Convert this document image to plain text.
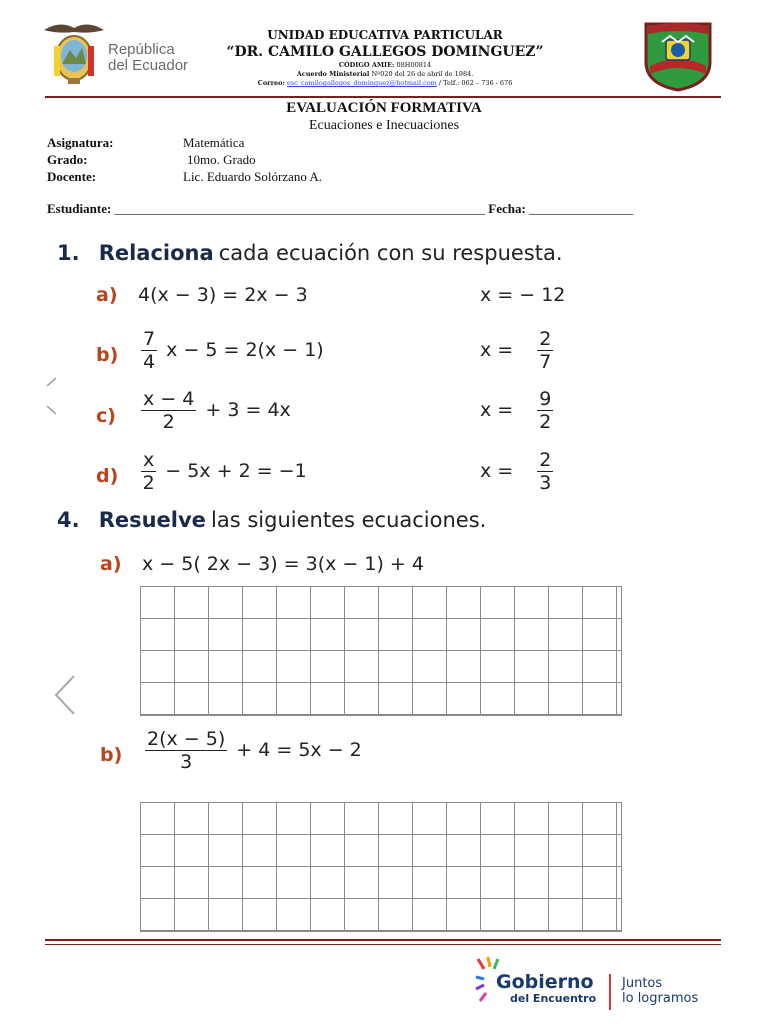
República
del Ecuador
UNIDAD EDUCATIVA PARTICULAR
“DR. CAMILO GALLEGOS DOMINGUEZ”
CÓDIGO AMIE: 08H00814
Acuerdo Ministerial Nº020 del 26 de abril de 1984.
Correo: esc_camilogallegos_dominguez@hotmail.com / Telf.: 062 – 736 - 676
EVALUACIÓN FORMATIVA
Ecuaciones e Inecuaciones
Asignatura:	Matemática
Grado:	10mo. Grado
Docente:	Lic. Eduardo Solórzano A.
Estudiante: _________________________________________________________ Fecha: ________________
1. Relaciona cada ecuación con su respuesta.
a) 4(x − 3) = 2x − 3	x = − 12
$b) \frac{7}{4}$ x − 5 = 2(x − 1)	$x = \frac{2}{7}$
$c) \frac{x - 4}{2} + 3 = 4x$	$x = \frac{9}{2}$
$d) \frac{x}{2} - 5x + 2 = -1$	$x = \frac{2}{3}$
4. Resuelve las siguientes ecuaciones.
a) x − 5( 2x − 3) = 3(x − 1) + 4
$b) \frac{2(x - 5)}{3} + 4 = 5x - 2$
Gobierno
del Encuentro
Juntos
lo logramos
